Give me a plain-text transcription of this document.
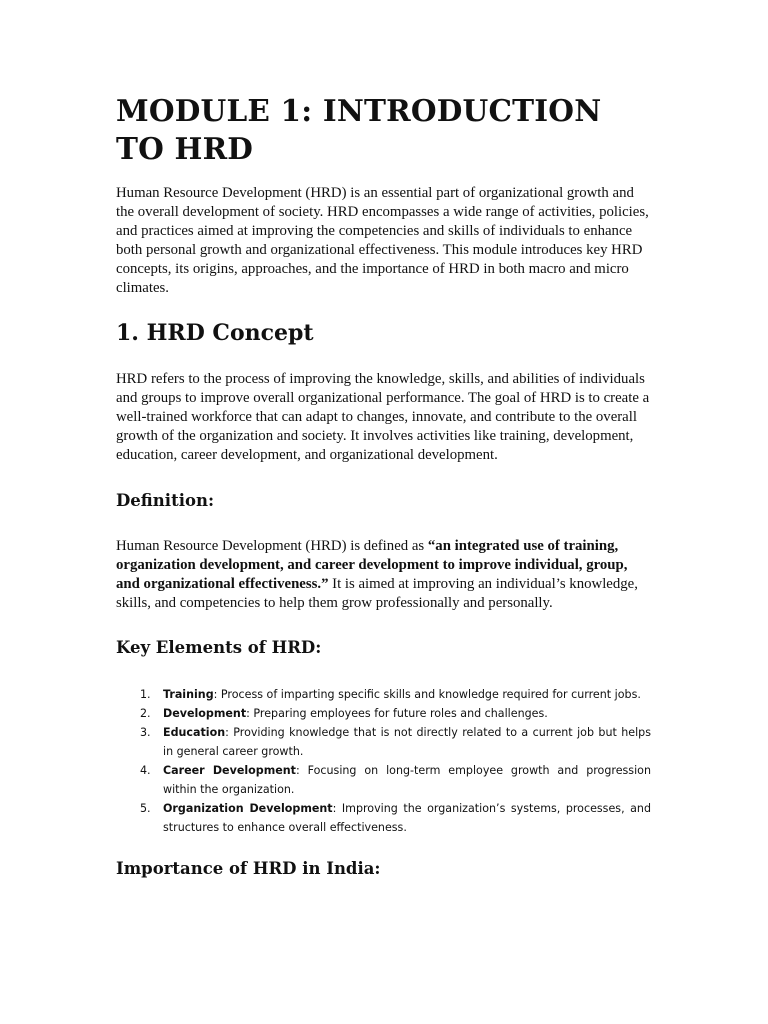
MODULE 1: INTRODUCTION TO HRD

Human Resource Development (HRD) is an essential part of organizational growth and the overall development of society. HRD encompasses a wide range of activities, policies, and practices aimed at improving the competencies and skills of individuals to enhance both personal growth and organizational effectiveness. This module introduces key HRD concepts, its origins, approaches, and the importance of HRD in both macro and micro climates.

1. HRD Concept

HRD refers to the process of improving the knowledge, skills, and abilities of individuals and groups to improve overall organizational performance. The goal of HRD is to create a well-trained workforce that can adapt to changes, innovate, and contribute to the overall growth of the organization and society. It involves activities like training, development, education, career development, and organizational development.

Definition:

Human Resource Development (HRD) is defined as “an integrated use of training, organization development, and career development to improve individual, group, and organizational effectiveness.” It is aimed at improving an individual’s knowledge, skills, and competencies to help them grow professionally and personally.

Key Elements of HRD:
1. Training: Process of imparting specific skills and knowledge required for current jobs.
2. Development: Preparing employees for future roles and challenges.
3. Education: Providing knowledge that is not directly related to a current job but helps in general career growth.
4. Career Development: Focusing on long-term employee growth and progression within the organization.
5. Organization Development: Improving the organization’s systems, processes, and structures to enhance overall effectiveness.
Importance of HRD in India:
